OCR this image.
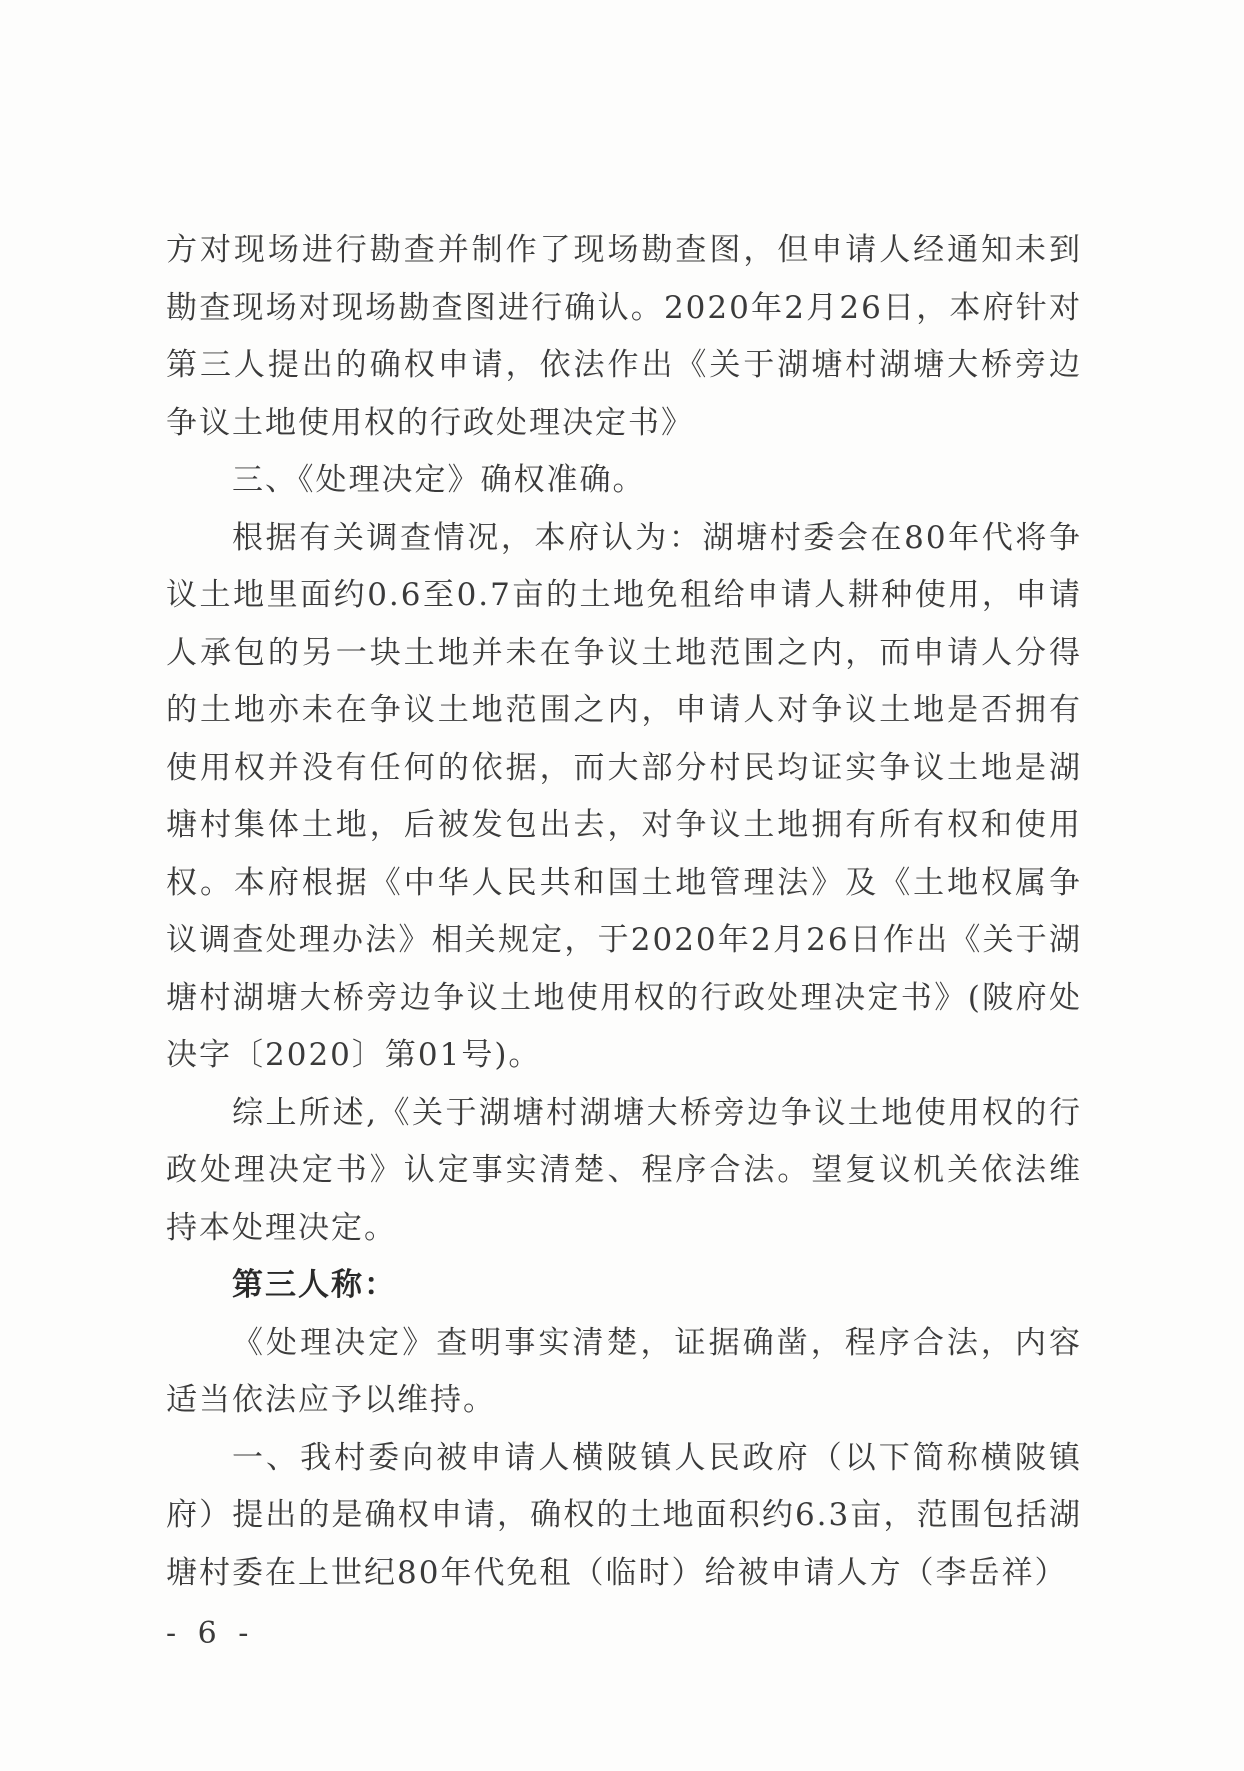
方对现场进行勘查并制作了现场勘查图，但申请人经通知未到勘查现场对现场勘查图进行确认。2020年2月26日，本府针对第三人提出的确权申请，依法作出《关于湖塘村湖塘大桥旁边争议土地使用权的行政处理决定书》

三、《处理决定》确权准确。

根据有关调查情况，本府认为：湖塘村委会在80年代将争议土地里面约0.6至0.7亩的土地免租给申请人耕种使用，申请人承包的另一块土地并未在争议土地范围之内，而申请人分得的土地亦未在争议土地范围之内，申请人对争议土地是否拥有使用权并没有任何的依据，而大部分村民均证实争议土地是湖塘村集体土地，后被发包出去，对争议土地拥有所有权和使用权。本府根据《中华人民共和国土地管理法》及《土地权属争议调查处理办法》相关规定，于2020年2月26日作出《关于湖塘村湖塘大桥旁边争议土地使用权的行政处理决定书》(陂府处决字〔2020〕第01号)。

综上所述,《关于湖塘村湖塘大桥旁边争议土地使用权的行政处理决定书》认定事实清楚、程序合法。望复议机关依法维持本处理决定。

第三人称：

《处理决定》查明事实清楚，证据确凿，程序合法，内容适当依法应予以维持。

一、我村委向被申请人横陂镇人民政府（以下简称横陂镇府）提出的是确权申请，确权的土地面积约6.3亩，范围包括湖塘村委在上世纪80年代免租（临时）给被申请人方（李岳祥）

- 6 -
